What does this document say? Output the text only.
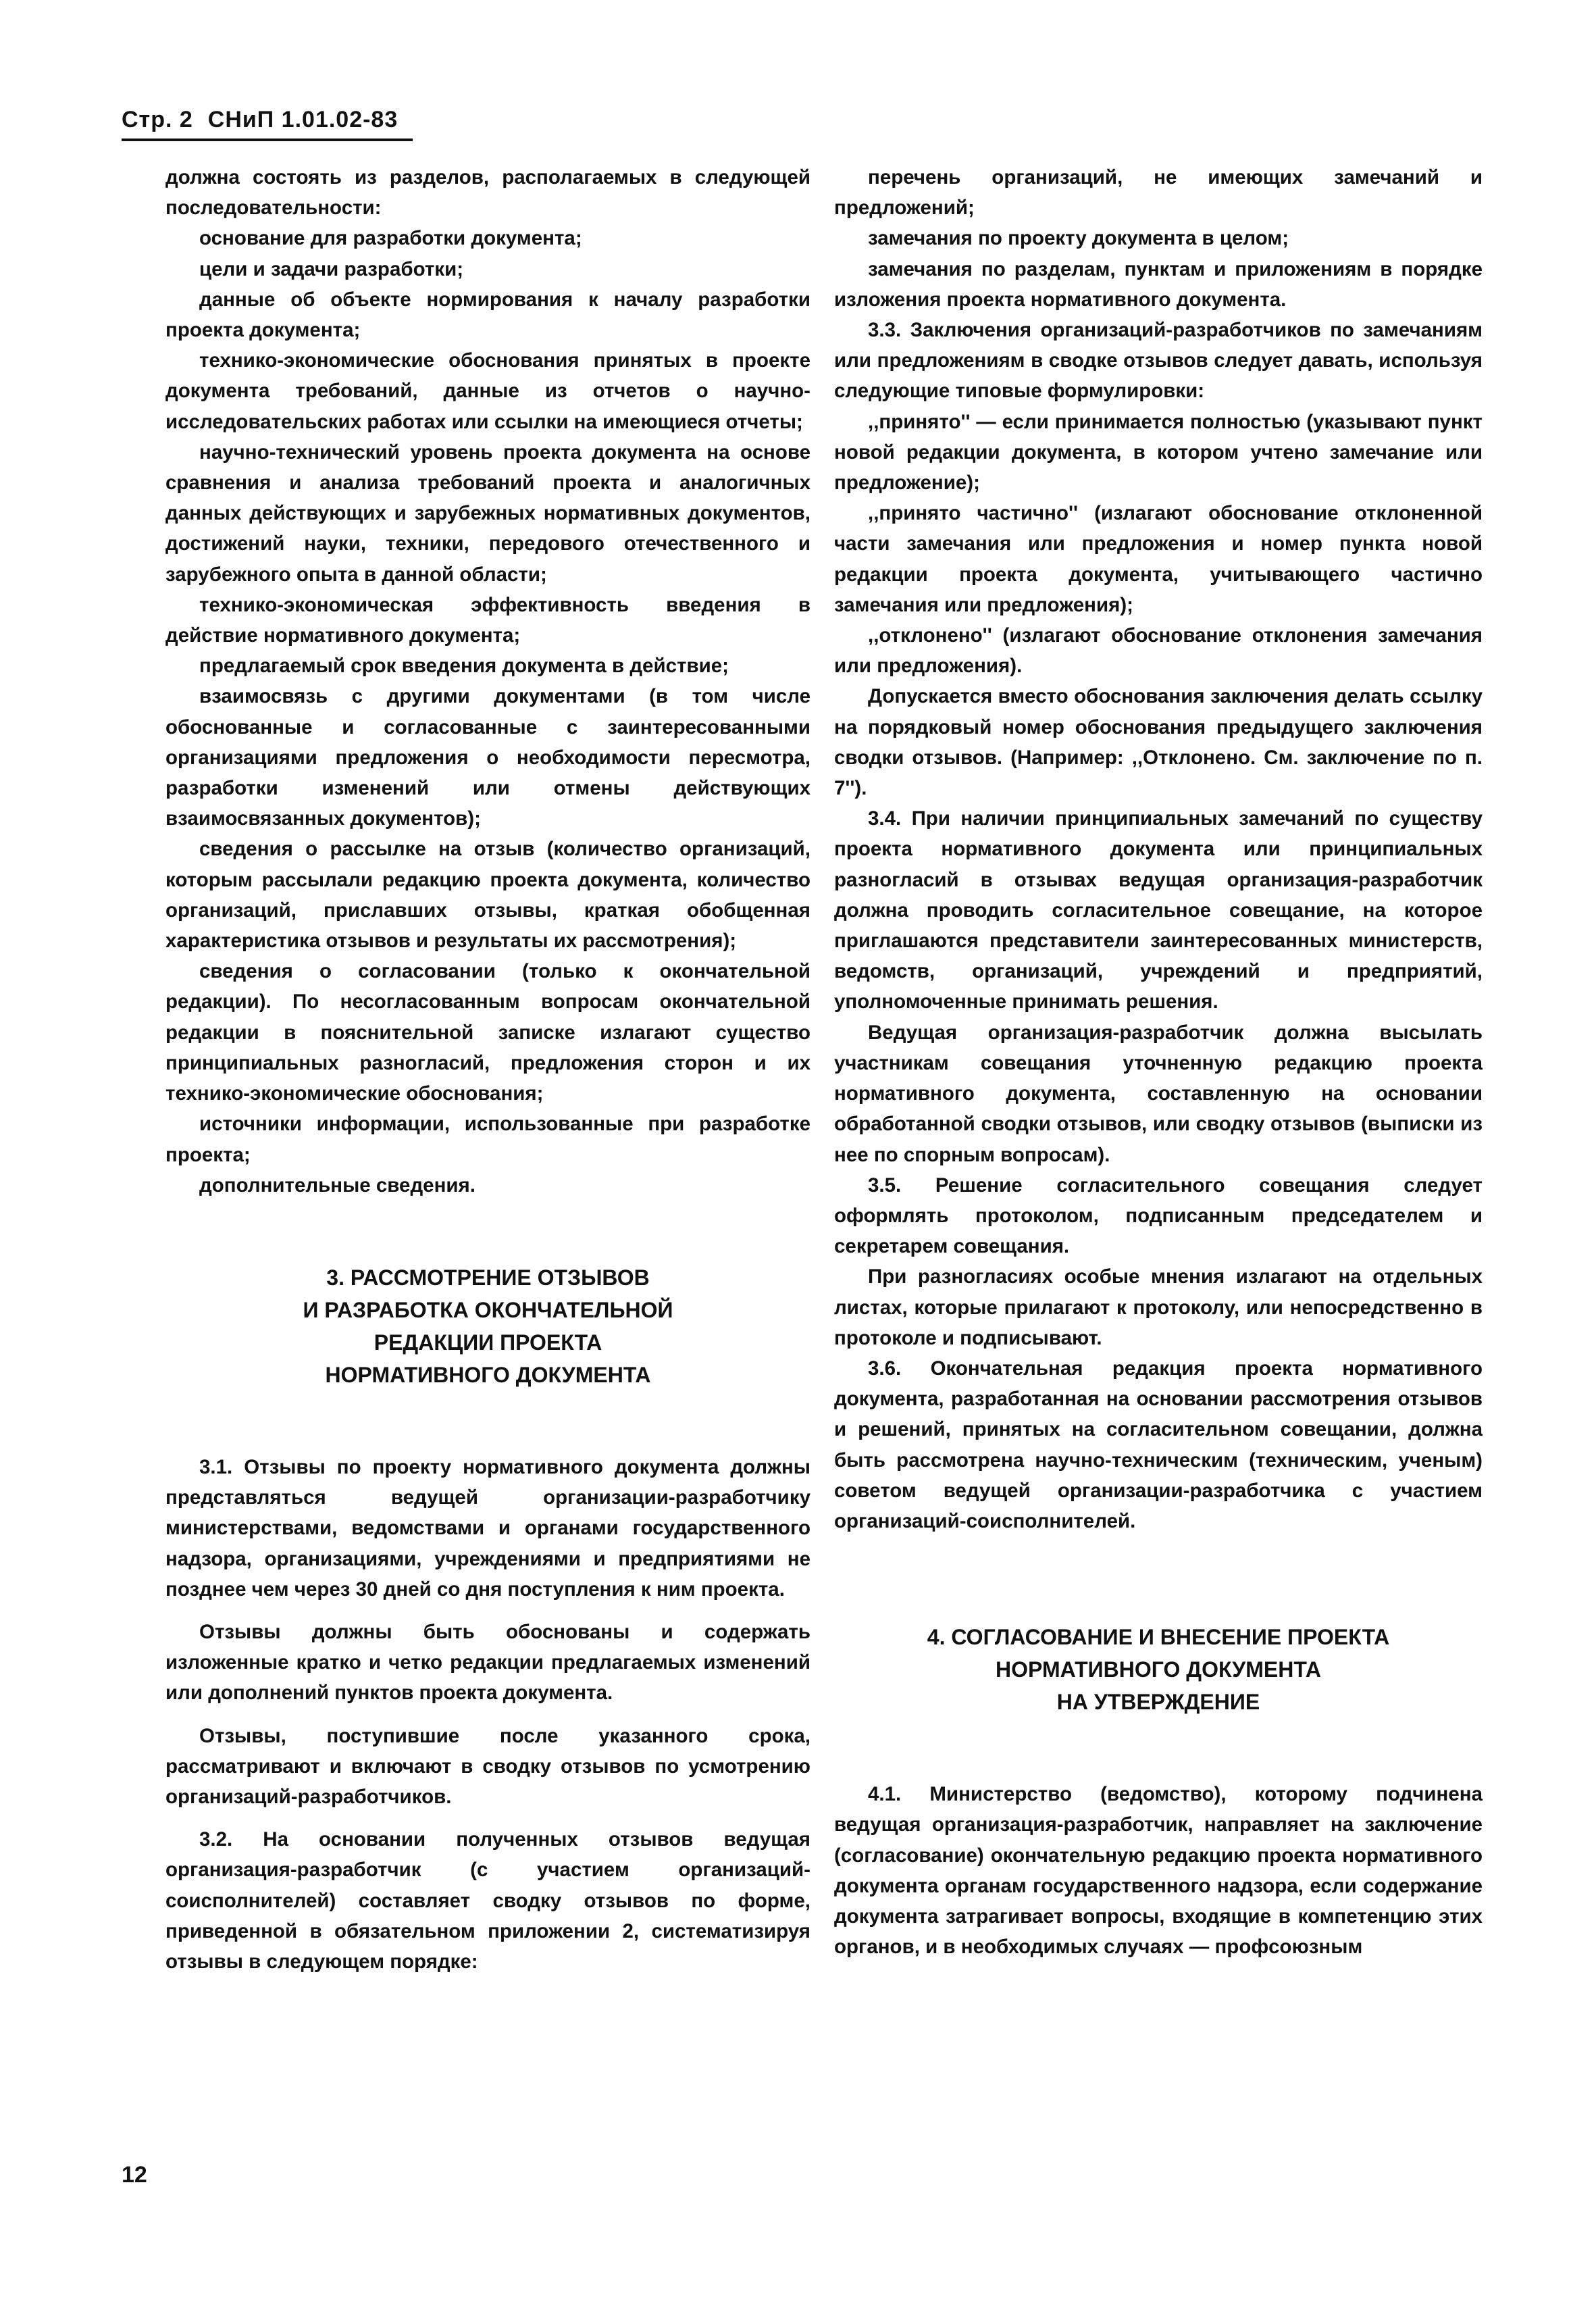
Стр. 2 СНиП 1.01.02-83

должна состоять из разделов, располагаемых в следующей последовательности:

основание для разработки документа;

цели и задачи разработки;

данные об объекте нормирования к началу разработки проекта документа;

технико-экономические обоснования принятых в проекте документа требований, данные из отчетов о научно-исследовательских работах или ссылки на имеющиеся отчеты;

научно-технический уровень проекта документа на основе сравнения и анализа требований проекта и аналогичных данных действующих и зарубежных нормативных документов, достижений науки, техники, передового отечественного и зарубежного опыта в данной области;

технико-экономическая эффективность введения в действие нормативного документа;

предлагаемый срок введения документа в действие;

взаимосвязь с другими документами (в том числе обоснованные и согласованные с заинтересованными организациями предложения о необходимости пересмотра, разработки изменений или отмены действующих взаимосвязанных документов);

сведения о рассылке на отзыв (количество организаций, которым рассылали редакцию проекта документа, количество организаций, приславших отзывы, краткая обобщенная характеристика отзывов и результаты их рассмотрения);

сведения о согласовании (только к окончательной редакции). По несогласованным вопросам окончательной редакции в пояснительной записке излагают существо принципиальных разногласий, предложения сторон и их технико-экономические обоснования;

источники информации, использованные при разработке проекта;

дополнительные сведения.

3. РАССМОТРЕНИЕ ОТЗЫВОВ
И РАЗРАБОТКА ОКОНЧАТЕЛЬНОЙ
РЕДАКЦИИ ПРОЕКТА
НОРМАТИВНОГО ДОКУМЕНТА

3.1. Отзывы по проекту нормативного документа должны представляться ведущей организации-разработчику министерствами, ведомствами и органами государственного надзора, организациями, учреждениями и предприятиями не позднее чем через 30 дней со дня поступления к ним проекта.

Отзывы должны быть обоснованы и содержать изложенные кратко и четко редакции предлагаемых изменений или дополнений пунктов проекта документа.

Отзывы, поступившие после указанного срока, рассматривают и включают в сводку отзывов по усмотрению организаций-разработчиков.

3.2. На основании полученных отзывов ведущая организация-разработчик (с участием организаций-соисполнителей) составляет сводку отзывов по форме, приведенной в обязательном приложении 2, систематизируя отзывы в следующем порядке:

перечень организаций, не имеющих замечаний и предложений;

замечания по проекту документа в целом;

замечания по разделам, пунктам и приложениям в порядке изложения проекта нормативного документа.

3.3. Заключения организаций-разработчиков по замечаниям или предложениям в сводке отзывов следует давать, используя следующие типовые формулировки:

,,принято'' — если принимается полностью (указывают пункт новой редакции документа, в котором учтено замечание или предложение);

,,принято частично'' (излагают обоснование отклоненной части замечания или предложения и номер пункта новой редакции проекта документа, учитывающего частично замечания или предложения);

,,отклонено'' (излагают обоснование отклонения замечания или предложения).

Допускается вместо обоснования заключения делать ссылку на порядковый номер обоснования предыдущего заключения сводки отзывов. (Например: ,,Отклонено. См. заключение по п. 7'').

3.4. При наличии принципиальных замечаний по существу проекта нормативного документа или принципиальных разногласий в отзывах ведущая организация-разработчик должна проводить согласительное совещание, на которое приглашаются представители заинтересованных министерств, ведомств, организаций, учреждений и предприятий, уполномоченные принимать решения.

Ведущая организация-разработчик должна высылать участникам совещания уточненную редакцию проекта нормативного документа, составленную на основании обработанной сводки отзывов, или сводку отзывов (выписки из нее по спорным вопросам).

3.5. Решение согласительного совещания следует оформлять протоколом, подписанным председателем и секретарем совещания.

При разногласиях особые мнения излагают на отдельных листах, которые прилагают к протоколу, или непосредственно в протоколе и подписывают.

3.6. Окончательная редакция проекта нормативного документа, разработанная на основании рассмотрения отзывов и решений, принятых на согласительном совещании, должна быть рассмотрена научно-техническим (техническим, ученым) советом ведущей организации-разработчика с участием организаций-соисполнителей.

4. СОГЛАСОВАНИЕ И ВНЕСЕНИЕ ПРОЕКТА
НОРМАТИВНОГО ДОКУМЕНТА
НА УТВЕРЖДЕНИЕ

4.1. Министерство (ведомство), которому подчинена ведущая организация-разработчик, направляет на заключение (согласование) окончательную редакцию проекта нормативного документа органам государственного надзора, если содержание документа затрагивает вопросы, входящие в компетенцию этих органов, и в необходимых случаях — профсоюзным

12
